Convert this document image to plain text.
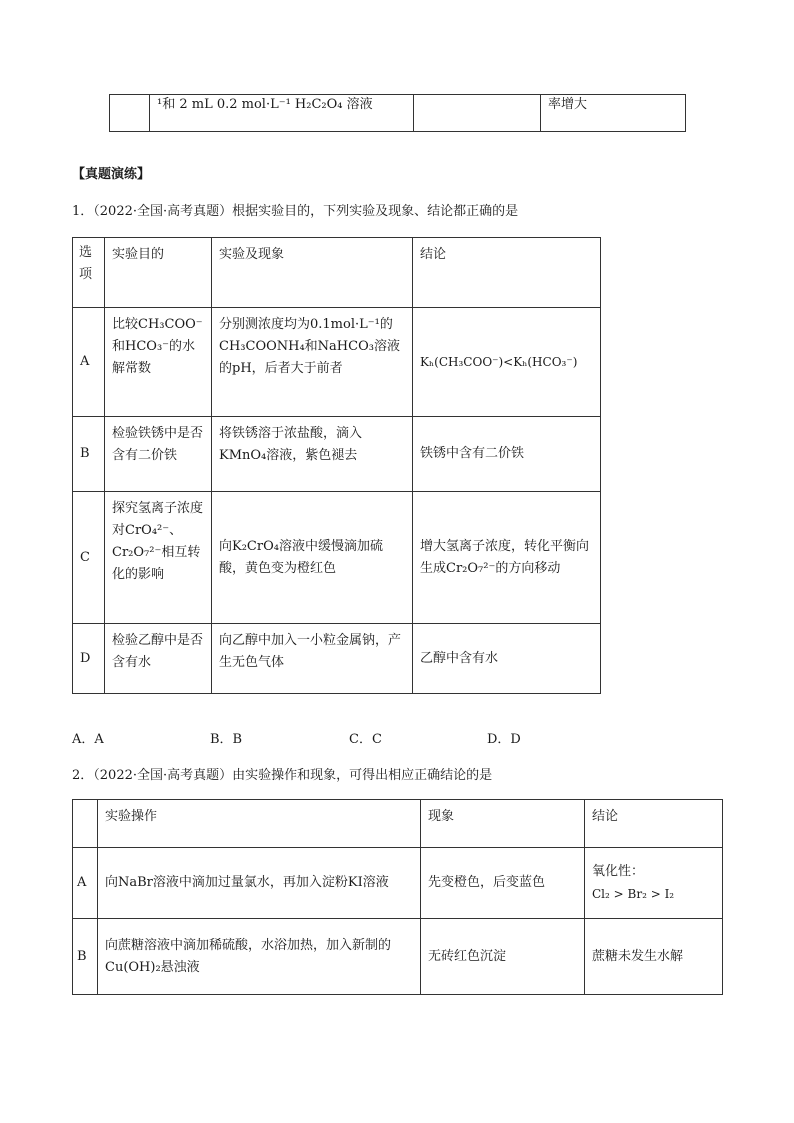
	¹和 2 mL 0.2 mol·L⁻¹ H₂C₂O₄ 溶液		率增大
【真题演练】
1．（2022·全国·高考真题）根据实验目的，下列实验及现象、结论都正确的是
选项	实验目的	实验及现象	结论
A	比较CH₃COO⁻和HCO₃⁻的水解常数	分别测浓度均为0.1mol·L⁻¹的CH₃COONH₄和NaHCO₃溶液的pH，后者大于前者	Kₕ(CH₃COO⁻)<Kₕ(HCO₃⁻)
B	检验铁锈中是否含有二价铁	将铁锈溶于浓盐酸，滴入KMnO₄溶液，紫色褪去	铁锈中含有二价铁
C	探究氢离子浓度对CrO₄²⁻、Cr₂O₇²⁻相互转化的影响	向K₂CrO₄溶液中缓慢滴加硫酸，黄色变为橙红色	增大氢离子浓度，转化平衡向生成Cr₂O₇²⁻的方向移动
D	检验乙醇中是否含有水	向乙醇中加入一小粒金属钠，产生无色气体	乙醇中含有水
A．A	B．B	C．C	D．D
2．（2022·全国·高考真题）由实验操作和现象，可得出相应正确结论的是
	实验操作	现象	结论
A	向NaBr溶液中滴加过量氯水，再加入淀粉KI溶液	先变橙色，后变蓝色	氧化性：
Cl₂ > Br₂ > I₂

B	向蔗糖溶液中滴加稀硫酸，水浴加热，加入新制的Cu(OH)₂悬浊液	无砖红色沉淀	蔗糖未发生水解
